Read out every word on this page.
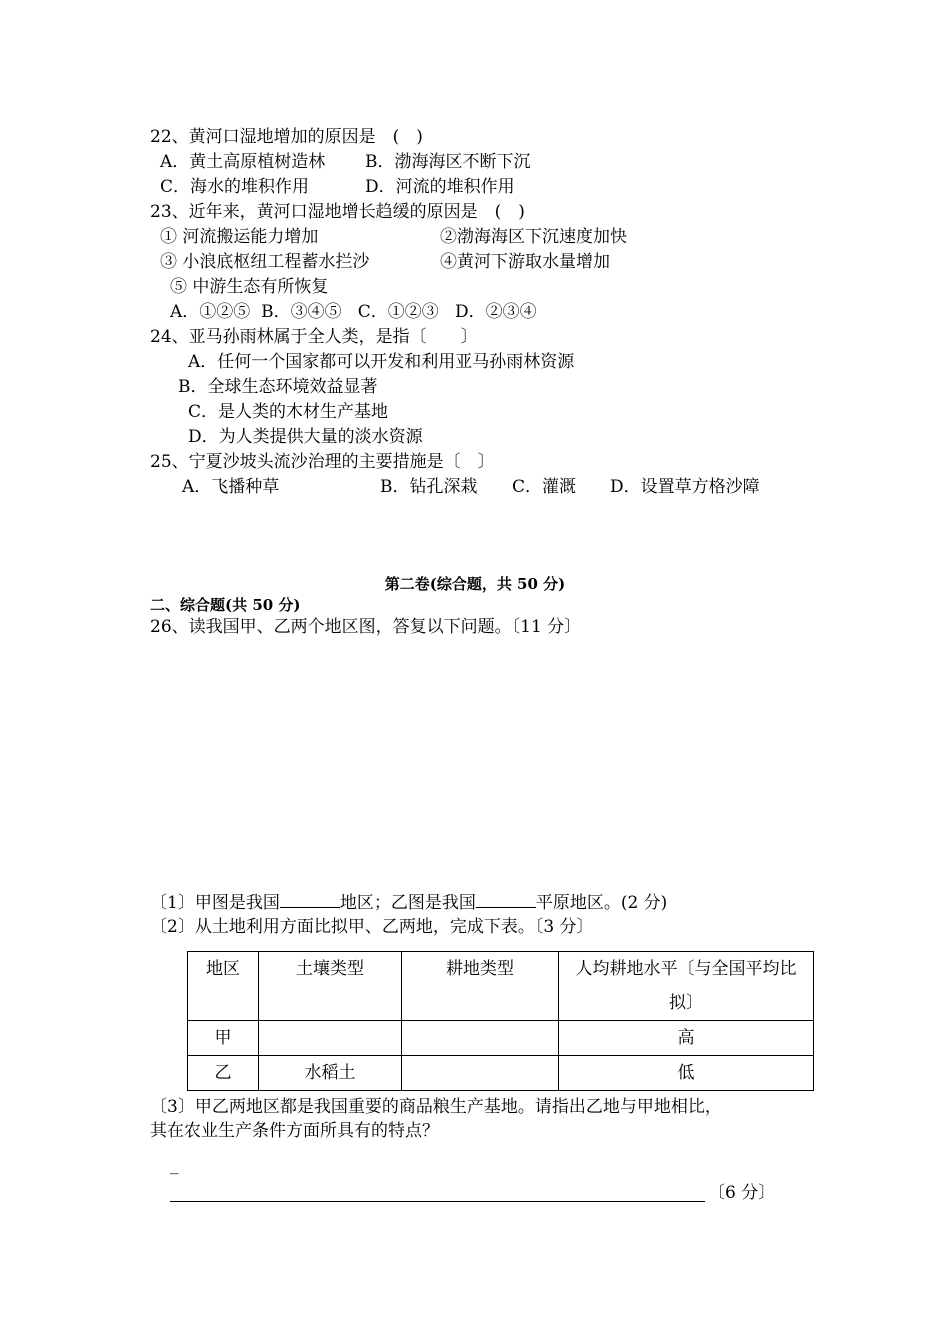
22、黄河口湿地增加的原因是　(　)
A．黄土高原植树造林 B．渤海海区不断下沉
C．海水的堆积作用	D．河流的堆积作用
23、近年来，黄河口湿地增长趋缓的原因是　(　)
① 河流搬运能力增加	②渤海海区下沉速度加快
③ 小浪底枢纽工程蓄水拦沙	④黄河下游取水量增加
⑤ 中游生态有所恢复
A．①②⑤  B．③④⑤   C．①②③   D．②③④
24、亚马孙雨林属于全人类，是指〔　　〕
A．任何一个国家都可以开发和利用亚马孙雨林资源
B．全球生态环境效益显著
C．是人类的木材生产基地
D．为人类提供大量的淡水资源
25、宁夏沙坡头流沙治理的主要措施是〔　〕
A．飞播种草	B．钻孔深栽 C．灌溉 D．设置草方格沙障
第二卷(综合题，共 50 分)
二、综合题(共 50 分)
26、读我国甲、乙两个地区图，答复以下问题。〔11 分〕
〔1〕甲图是我国	地区；乙图是我国	平原地区。(2 分)
〔2〕从土地利用方面比拟甲、乙两地，完成下表。〔3 分〕
地区	土壤类型	耕地类型	人均耕地水平〔与全国平均比拟〕
甲			高
乙	水稻土		低
〔3〕甲乙两地区都是我国重要的商品粮生产基地。请指出乙地与甲地相比，
其在农业生产条件方面所具有的特点？
_
〔6 分〕
